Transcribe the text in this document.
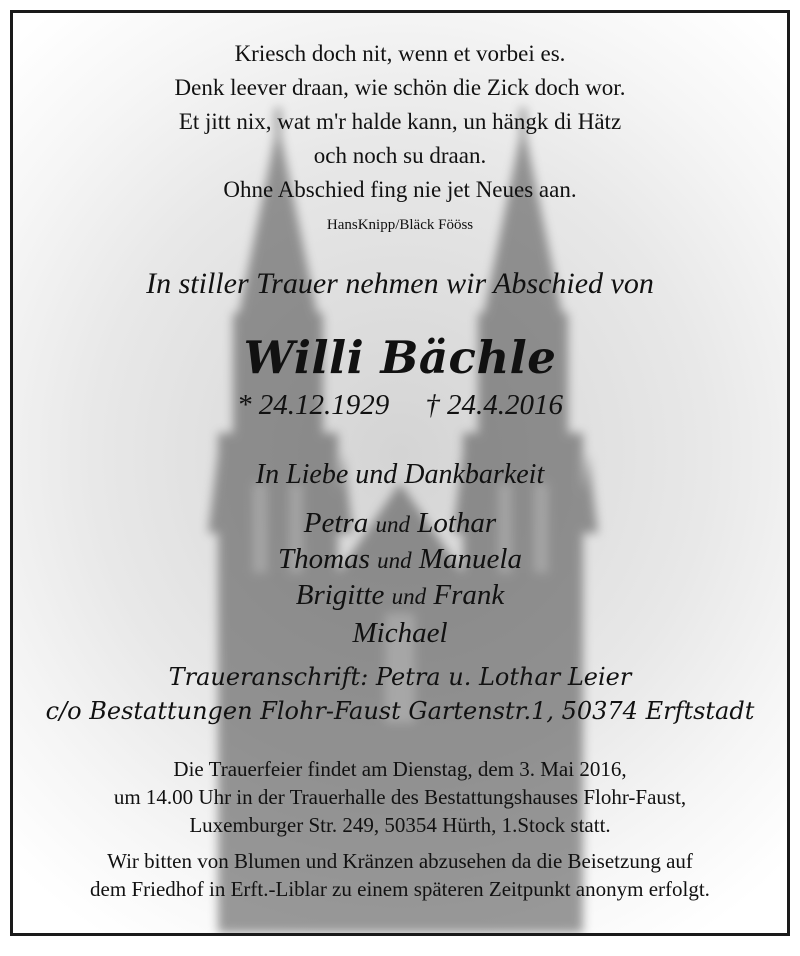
Kriesch doch nit, wenn et vorbei es.
Denk leever draan, wie schön die Zick doch wor.
Et jitt nix, wat m'r halde kann, un hängk di Hätz
och noch su draan.
Ohne Abschied fing nie jet Neues aan.
HansKnipp/Bläck Fööss
In stiller Trauer nehmen wir Abschied von
Willi Bächle
* 24.12.1929 † 24.4.2016
In Liebe und Dankbarkeit
Petra und Lothar
Thomas und Manuela
Brigitte und Frank
Michael
Traueranschrift: Petra u. Lothar Leier
c/o Bestattungen Flohr-Faust Gartenstr.1, 50374 Erftstadt
Die Trauerfeier findet am Dienstag, dem 3. Mai 2016,
um 14.00 Uhr in der Trauerhalle des Bestattungshauses Flohr-Faust,
Luxemburger Str. 249, 50354 Hürth, 1.Stock statt.
Wir bitten von Blumen und Kränzen abzusehen da die Beisetzung auf
dem Friedhof in Erft.-Liblar zu einem späteren Zeitpunkt anonym erfolgt.
